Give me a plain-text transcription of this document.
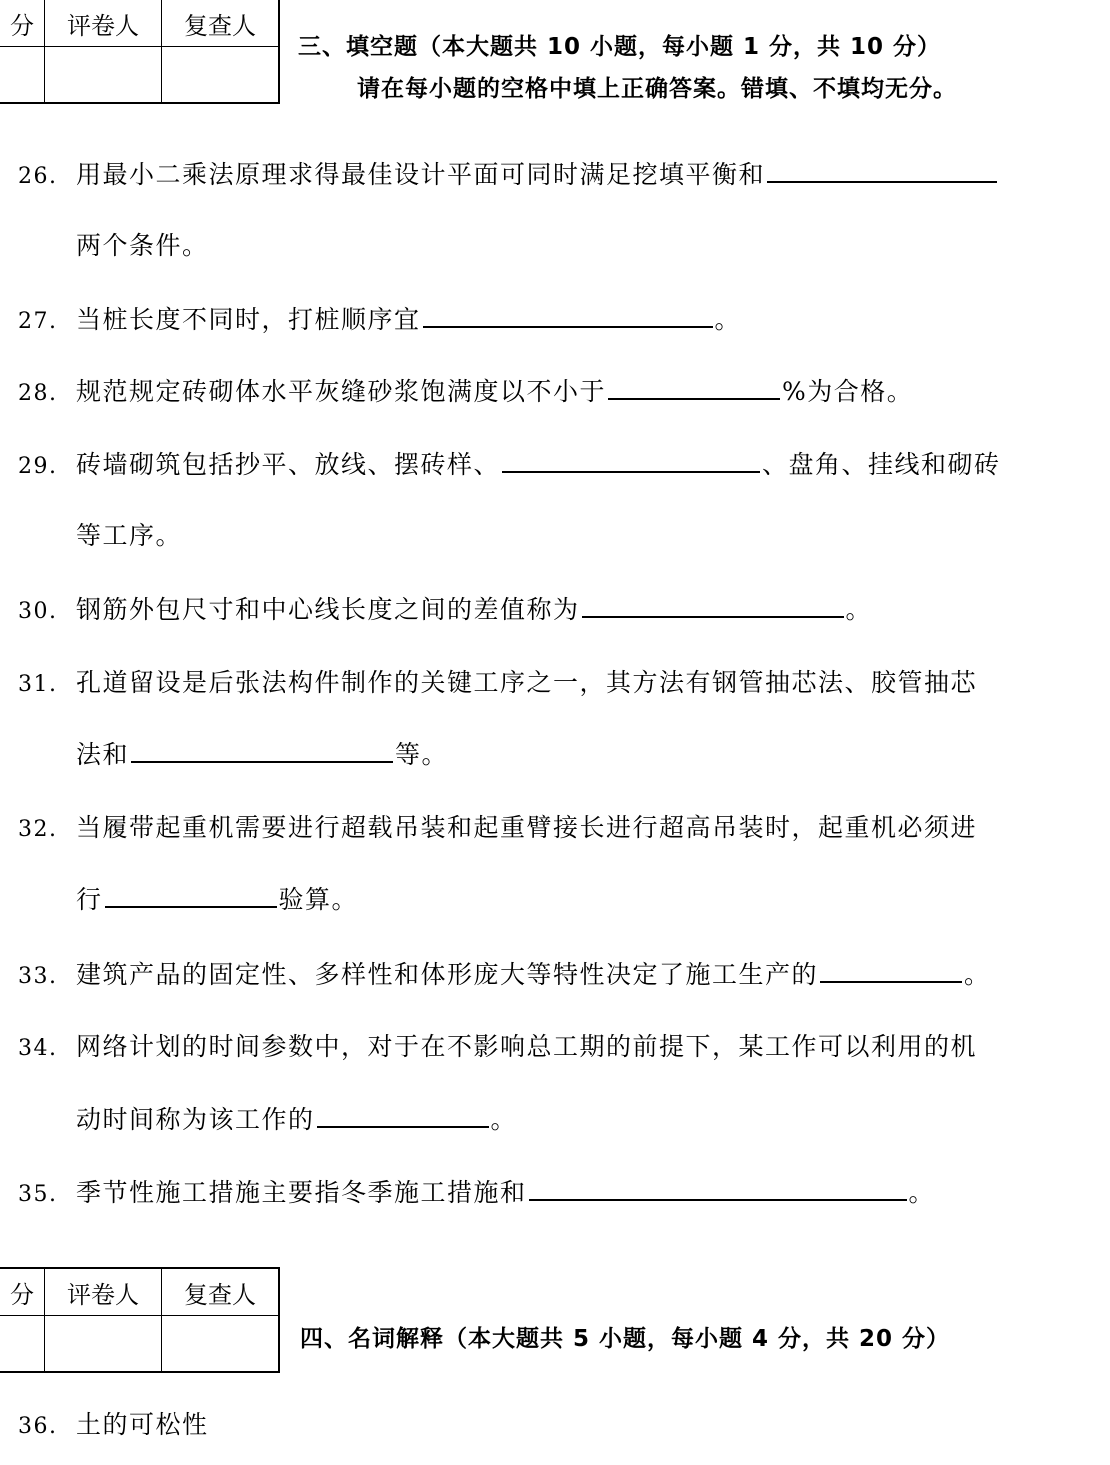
分	评卷人	复查人

三、填空题（本大题共 10 小题，每小题 1 分，共 10 分）
请在每小题的空格中填上正确答案。错填、不填均无分。
26. 用最小二乘法原理求得最佳设计平面可同时满足挖填平衡和
两个条件。
27. 当桩长度不同时，打桩顺序宜	。
28. 规范规定砖砌体水平灰缝砂浆饱满度以不小于	%为合格。
29. 砖墙砌筑包括抄平、放线、摆砖样、	、盘角、挂线和砌砖
等工序。
30. 钢筋外包尺寸和中心线长度之间的差值称为	。
31. 孔道留设是后张法构件制作的关键工序之一，其方法有钢管抽芯法、胶管抽芯
法和	等。
32. 当履带起重机需要进行超载吊装和起重臂接长进行超高吊装时，起重机必须进
行	验算。
33. 建筑产品的固定性、多样性和体形庞大等特性决定了施工生产的	。
34. 网络计划的时间参数中，对于在不影响总工期的前提下，某工作可以利用的机
动时间称为该工作的	。
35. 季节性施工措施主要指冬季施工措施和	。
分	评卷人	复查人

四、名词解释（本大题共 5 小题，每小题 4 分，共 20 分）
36. 土的可松性
